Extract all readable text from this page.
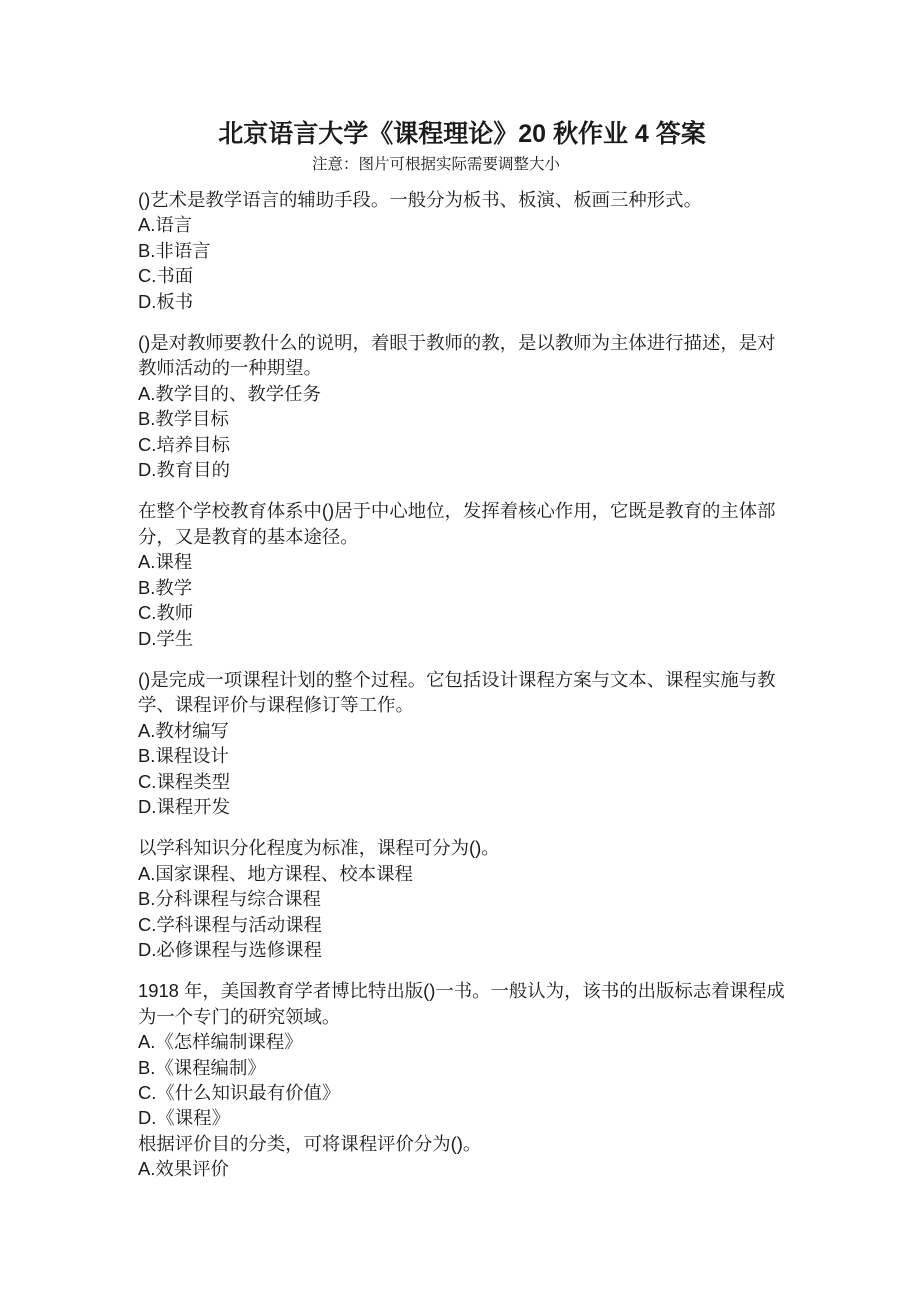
北京语言大学《课程理论》20 秋作业 4 答案
注意：图片可根据实际需要调整大小
()艺术是教学语言的辅助手段。一般分为板书、板演、板画三种形式。
A.语言
B.非语言
C.书面
D.板书
()是对教师要教什么的说明，着眼于教师的教，是以教师为主体进行描述，是对
教师活动的一种期望。
A.教学目的、教学任务
B.教学目标
C.培养目标
D.教育目的
在整个学校教育体系中()居于中心地位，发挥着核心作用，它既是教育的主体部
分，又是教育的基本途径。
A.课程
B.教学
C.教师
D.学生
()是完成一项课程计划的整个过程。它包括设计课程方案与文本、课程实施与教
学、课程评价与课程修订等工作。
A.教材编写
B.课程设计
C.课程类型
D.课程开发
以学科知识分化程度为标准，课程可分为()。
A.国家课程、地方课程、校本课程
B.分科课程与综合课程
C.学科课程与活动课程
D.必修课程与选修课程
1918 年，美国教育学者博比特出版()一书。一般认为，该书的出版标志着课程成
为一个专门的研究领域。
A.《怎样编制课程》
B.《课程编制》
C.《什么知识最有价值》
D.《课程》
根据评价目的分类，可将课程评价分为()。
A.效果评价
